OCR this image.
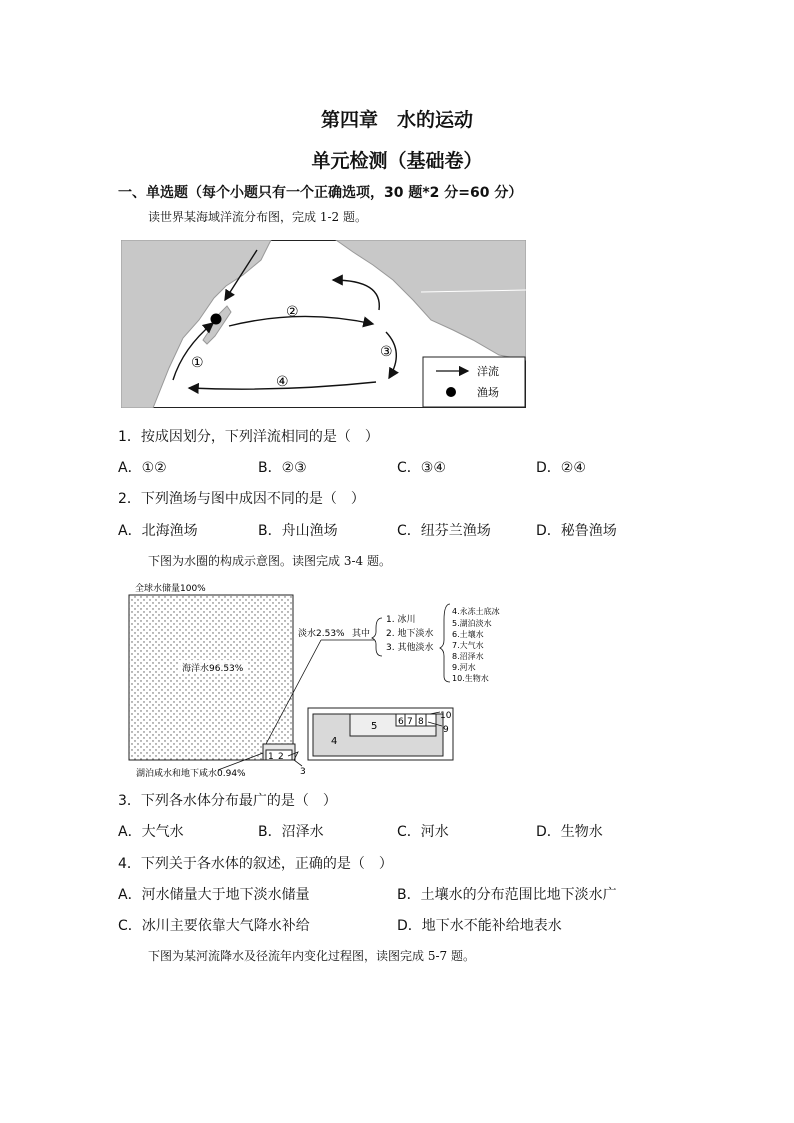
第四章　水的运动
单元检测（基础卷）
一、单选题（每个小题只有一个正确选项，30 题*2 分=60 分）
读世界某海域洋流分布图，完成 1-2 题。
①
②
③
④
洋流
渔场
1．按成因划分，下列洋流相同的是（　）
A．①②	B．②③	C．③④	D．②④
2．下列渔场与图中成因不同的是（　）
A．北海渔场	B．舟山渔场	C．纽芬兰渔场	D．秘鲁渔场
下图为水圈的构成示意图。读图完成 3-4 题。
全球水储量100%
海洋水96.53%
1 2
3
湖泊咸水和地下咸水0.94%
淡水2.53% 其中
1. 冰川
2. 地下淡水
3. 其他淡水
4.永冻土底冰
5.湖泊淡水
6.土壤水
7.大气水
8.沼泽水
9.河水
10.生物水
4
5 6 7 8
10
9
3．下列各水体分布最广的是（　）
A．大气水	B．沼泽水	C．河水	D．生物水
4．下列关于各水体的叙述，正确的是（　）
A．河水储量大于地下淡水储量	B．土壤水的分布范围比地下淡水广
C．冰川主要依靠大气降水补给	D．地下水不能补给地表水
下图为某河流降水及径流年内变化过程图，读图完成 5-7 题。
